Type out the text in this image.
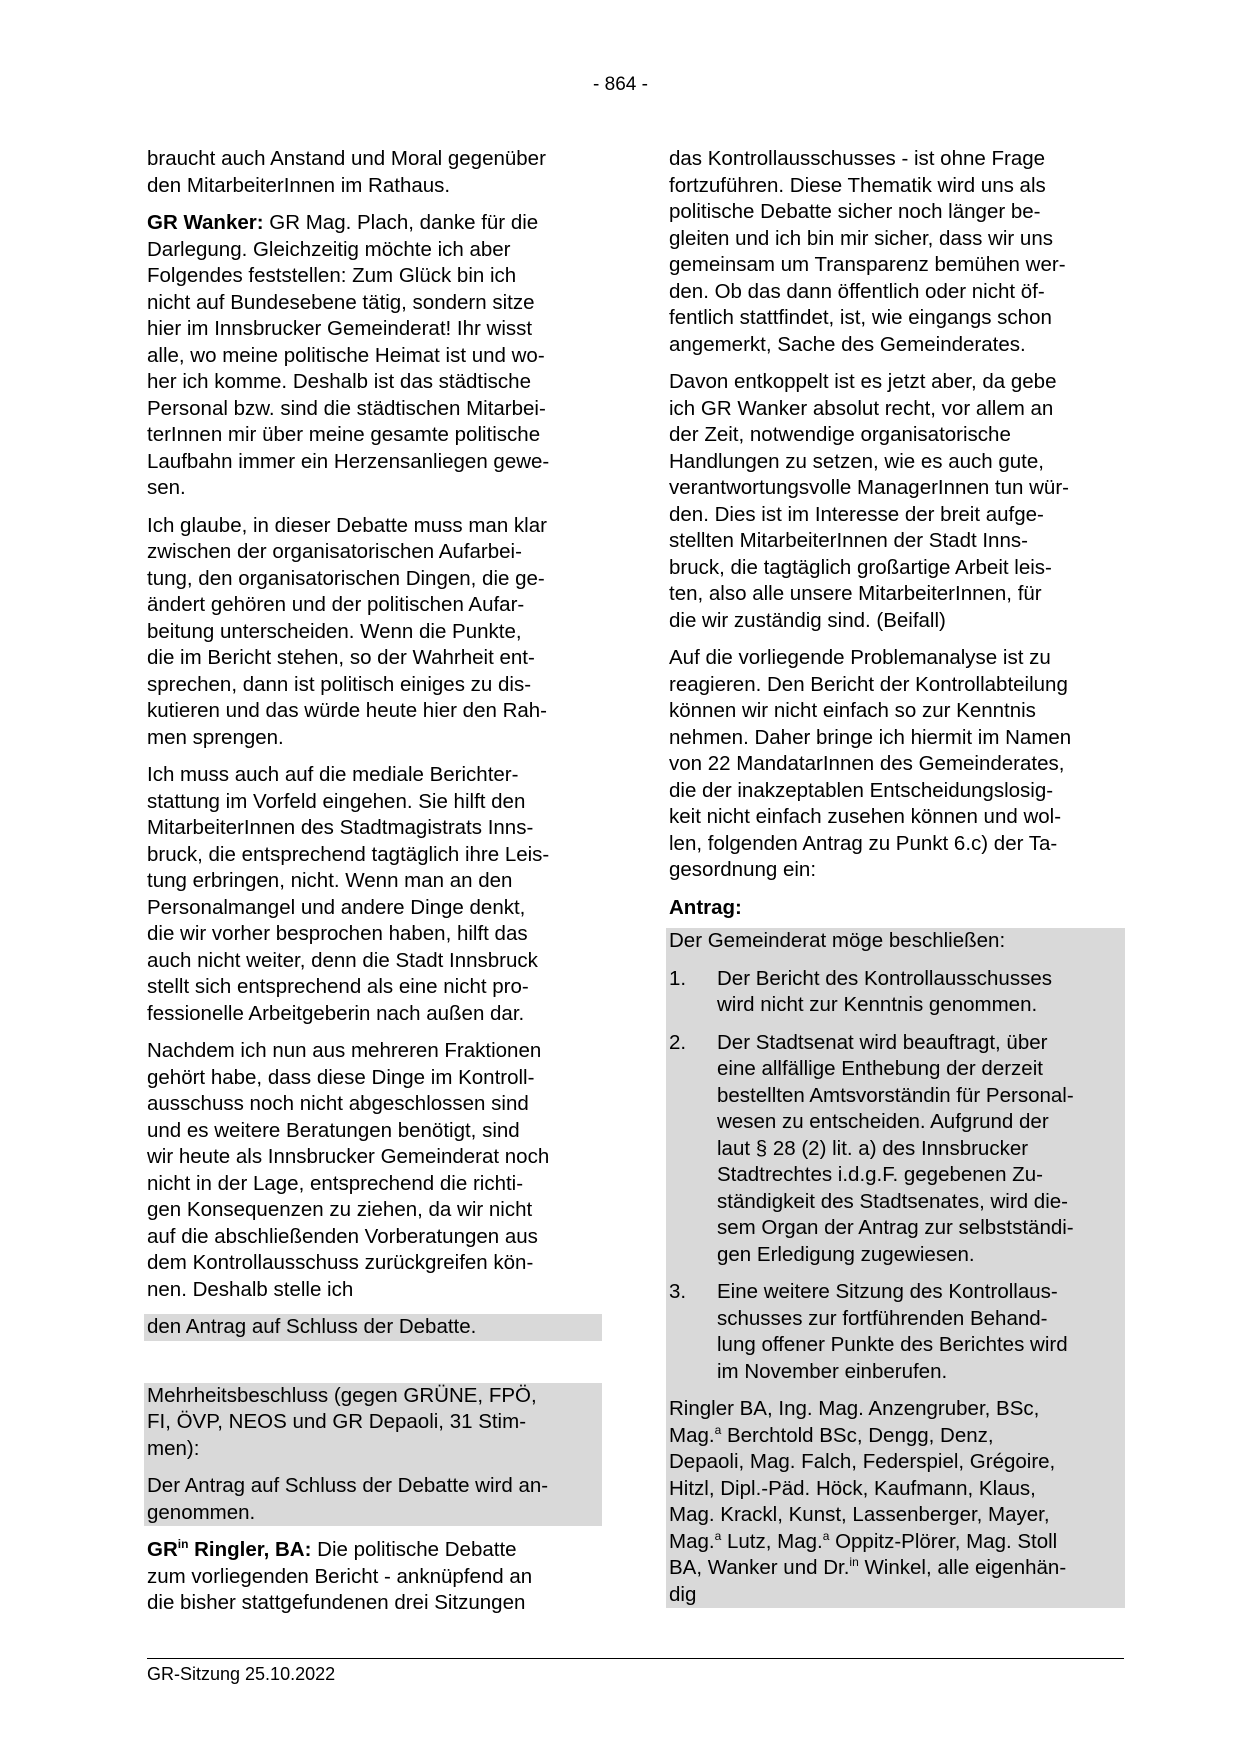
- 864 -
braucht auch Anstand und Moral gegenüber
den MitarbeiterInnen im Rathaus.
GR Wanker: GR Mag. Plach, danke für die
Darlegung. Gleichzeitig möchte ich aber
Folgendes feststellen: Zum Glück bin ich
nicht auf Bundesebene tätig, sondern sitze
hier im Innsbrucker Gemeinderat! Ihr wisst
alle, wo meine politische Heimat ist und wo-
her ich komme. Deshalb ist das städtische
Personal bzw. sind die städtischen Mitarbei-
terInnen mir über meine gesamte politische
Laufbahn immer ein Herzensanliegen gewe-
sen.
Ich glaube, in dieser Debatte muss man klar
zwischen der organisatorischen Aufarbei-
tung, den organisatorischen Dingen, die ge-
ändert gehören und der politischen Aufar-
beitung unterscheiden. Wenn die Punkte,
die im Bericht stehen, so der Wahrheit ent-
sprechen, dann ist politisch einiges zu dis-
kutieren und das würde heute hier den Rah-
men sprengen.
Ich muss auch auf die mediale Berichter-
stattung im Vorfeld eingehen. Sie hilft den
MitarbeiterInnen des Stadtmagistrats Inns-
bruck, die entsprechend tagtäglich ihre Leis-
tung erbringen, nicht. Wenn man an den
Personalmangel und andere Dinge denkt,
die wir vorher besprochen haben, hilft das
auch nicht weiter, denn die Stadt Innsbruck
stellt sich entsprechend als eine nicht pro-
fessionelle Arbeitgeberin nach außen dar.
Nachdem ich nun aus mehreren Fraktionen
gehört habe, dass diese Dinge im Kontroll-
ausschuss noch nicht abgeschlossen sind
und es weitere Beratungen benötigt, sind
wir heute als Innsbrucker Gemeinderat noch
nicht in der Lage, entsprechend die richti-
gen Konsequenzen zu ziehen, da wir nicht
auf die abschließenden Vorberatungen aus
dem Kontrollausschuss zurückgreifen kön-
nen. Deshalb stelle ich
den Antrag auf Schluss der Debatte.
Mehrheitsbeschluss (gegen GRÜNE, FPÖ,
FI, ÖVP, NEOS und GR Depaoli, 31 Stim-
men):
Der Antrag auf Schluss der Debatte wird an-
genommen.
$GR^{in}$ Ringler, BA: Die politische Debatte
zum vorliegenden Bericht - anknüpfend an
die bisher stattgefundenen drei Sitzungen
das Kontrollausschusses - ist ohne Frage
fortzuführen. Diese Thematik wird uns als
politische Debatte sicher noch länger be-
gleiten und ich bin mir sicher, dass wir uns
gemeinsam um Transparenz bemühen wer-
den. Ob das dann öffentlich oder nicht öf-
fentlich stattfindet, ist, wie eingangs schon
angemerkt, Sache des Gemeinderates.
Davon entkoppelt ist es jetzt aber, da gebe
ich GR Wanker absolut recht, vor allem an
der Zeit, notwendige organisatorische
Handlungen zu setzen, wie es auch gute,
verantwortungsvolle ManagerInnen tun wür-
den. Dies ist im Interesse der breit aufge-
stellten MitarbeiterInnen der Stadt Inns-
bruck, die tagtäglich großartige Arbeit leis-
ten, also alle unsere MitarbeiterInnen, für
die wir zuständig sind. (Beifall)
Auf die vorliegende Problemanalyse ist zu
reagieren. Den Bericht der Kontrollabteilung
können wir nicht einfach so zur Kenntnis
nehmen. Daher bringe ich hiermit im Namen
von 22 MandatarInnen des Gemeinderates,
die der inakzeptablen Entscheidungslosig-
keit nicht einfach zusehen können und wol-
len, folgenden Antrag zu Punkt 6.c) der Ta-
gesordnung ein:
Antrag:
Der Gemeinderat möge beschließen:
1.	Der Bericht des Kontrollausschusses
wird nicht zur Kenntnis genommen.
2.	Der Stadtsenat wird beauftragt, über
eine allfällige Enthebung der derzeit
bestellten Amtsvorständin für Personal-
wesen zu entscheiden. Aufgrund der
laut § 28 (2) lit. a) des Innsbrucker
Stadtrechtes i.d.g.F. gegebenen Zu-
ständigkeit des Stadtsenates, wird die-
sem Organ der Antrag zur selbstständi-
gen Erledigung zugewiesen.
3.	Eine weitere Sitzung des Kontrollaus-
schusses zur fortführenden Behand-
lung offener Punkte des Berichtes wird
im November einberufen.
Ringler BA, Ing. Mag. Anzengruber, BSc,
Mag.$^a$ Berchtold BSc, Dengg, Denz,
Depaoli, Mag. Falch, Federspiel, Grégoire,
Hitzl, Dipl.-Päd. Höck, Kaufmann, Klaus,
Mag. Krackl, Kunst, Lassenberger, Mayer,
Mag.$^a$ Lutz, Mag.$^a$ Oppitz-Plörer, Mag. Stoll
BA, Wanker und Dr.$^{in}$ Winkel, alle eigenhän-
dig
GR-Sitzung 25.10.2022
